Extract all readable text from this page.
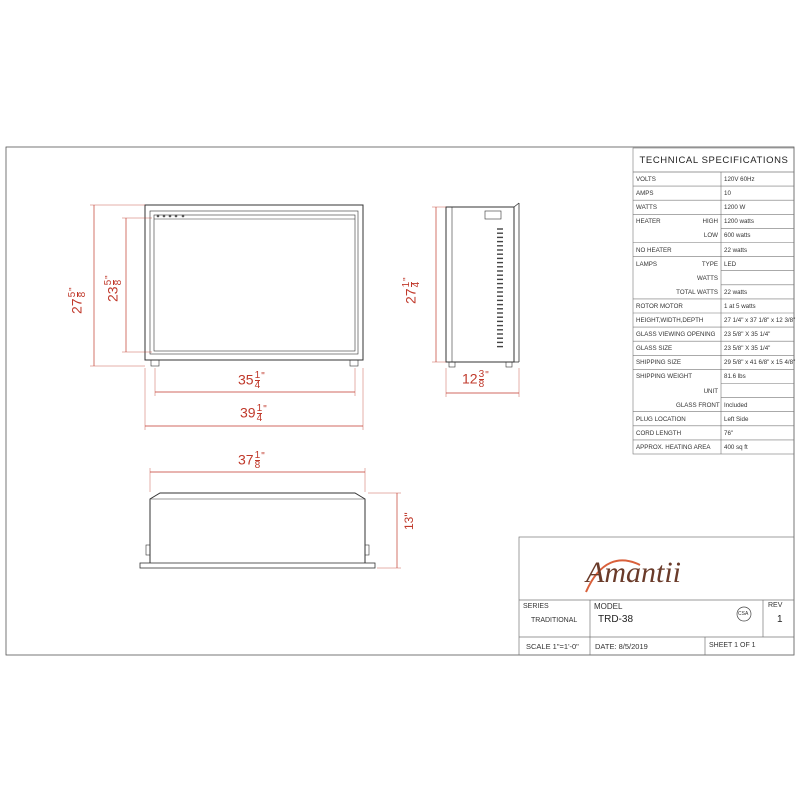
TECHNICAL SPECIFICATIONS
VOLTS	120V 60Hz
AMPS	10
WATTS	1200 W
HEATER	HIGH 1200 watts
LOW 600 watts
NO HEATER	22 watts
LAMPS	TYPE LED
WATTS
TOTAL WATTS 22 watts
ROTOR MOTOR	1 at 5 watts
HEIGHT,WIDTH,DEPTH	27 1/4" x 37 1/8" x 12 3/8"
GLASS VIEWING OPENING 23 5/8" X 35 1/4"
GLASS SIZE	23 5/8" X 35 1/4"
SHIPPING SIZE	29 5/8" x 41 6/8" x 15 4/8"
SHIPPING WEIGHT	81.6 lbs
UNIT
GLASS FRONT Included
PLUG LOCATION	Left Side
CORD LENGTH	76"
APPROX. HEATING AREA 400 sq ft
27
5 8
"	23
5 8
"
$35 \frac{1}{4} ^"$
$39 \frac{1}{4} ^"$
27
1 4
"
$12 \frac{3}{8} ^"$
$37 \frac{1}{8} ^"$
13"
Amantii
SERIES
TRADITIONAL
MODEL
TRD-38
REV
1
CSA
SCALE 1"=1'-0" DATE: 8/5/2019	SHEET 1 OF 1
